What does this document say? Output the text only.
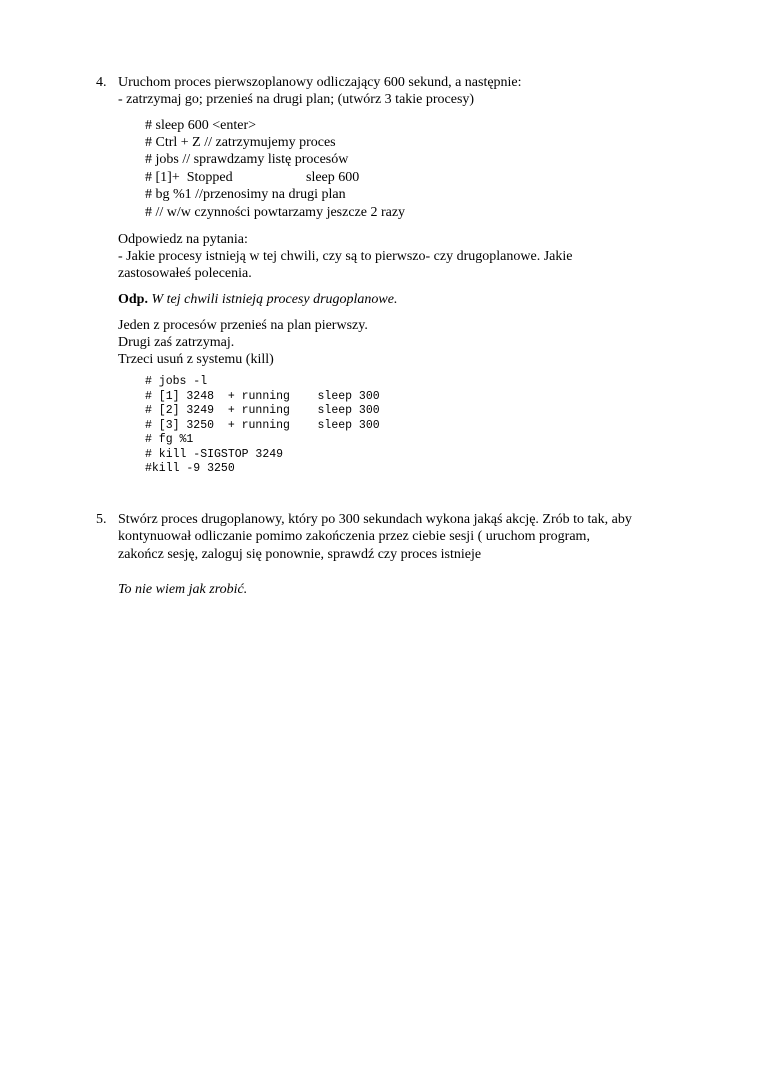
4. Uruchom proces pierwszoplanowy odliczający 600 sekund, a następnie:
- zatrzymaj go; przenieś na drugi plan; (utwórz 3 takie procesy)
# sleep 600 <enter>
# Ctrl + Z // zatrzymujemy proces
# jobs // sprawdzamy listę procesów
# [1]+  Stopped	sleep 600
# bg %1 //przenosimy na drugi plan
# // w/w czynności powtarzamy jeszcze 2 razy
Odpowiedz na pytania:
- Jakie procesy istnieją w tej chwili, czy są to pierwszo- czy drugoplanowe. Jakie
zastosowałeś polecenia.
Odp. W tej chwili istnieją procesy drugoplanowe.
Jeden z procesów przenieś na plan pierwszy.
Drugi zaś zatrzymaj.
Trzeci usuń z systemu (kill)
# jobs -l
# [1] 3248  + running    sleep 300
# [2] 3249  + running    sleep 300
# [3] 3250  + running    sleep 300
# fg %1
# kill -SIGSTOP 3249
#kill -9 3250
5. Stwórz proces drugoplanowy, który po 300 sekundach wykona jakąś akcję. Zrób to tak, aby
kontynuował odliczanie pomimo zakończenia przez ciebie sesji ( uruchom program,
zakończ sesję, zaloguj się ponownie, sprawdź czy proces istnieje
To nie wiem jak zrobić.
